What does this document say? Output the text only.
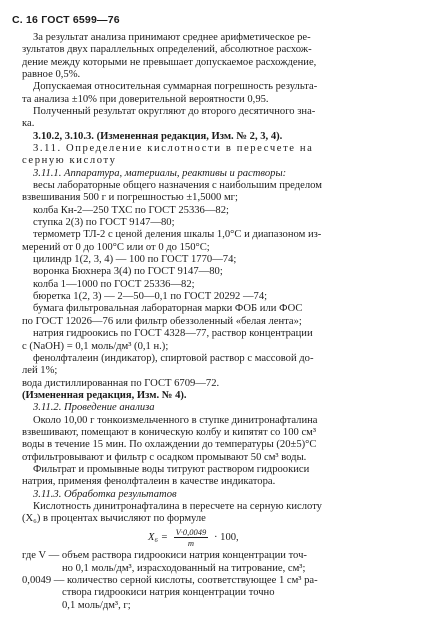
С. 16 ГОСТ 6599—76
За результат анализа принимают среднее арифметическое ре-
зультатов двух параллельных определений, абсолютное расхож-
дение между которыми не превышает допускаемое расхождение,
равное 0,5%.
Допускаемая относительная суммарная погрешность результа-
та анализа ±10% при доверительной вероятности 0,95.
Полученный результат округляют до второго десятичного зна-
ка.
3.10.2, 3.10.3. (Измененная редакция, Изм. № 2, 3, 4).
3.11. Определение кислотности в пересчете на
серную кислоту
3.11.1. Аппаратура, материалы, реактивы и растворы:
весы лабораторные общего назначения с наибольшим пределом
взвешивания 500 г и погрешностью ±1,5000 мг;
колба Кн-2—250 ТХС по ГОСТ 25336—82;
ступка 2(3) по ГОСТ 9147—80;
термометр ТЛ-2 с ценой деления шкалы 1,0°С и диапазоном из-
мерений от 0 до 100°С или от 0 до 150°С;
цилиндр 1(2, 3, 4) — 100 по ГОСТ 1770—74;
воронка Бюхнера 3(4) по ГОСТ 9147—80;
колба 1—1000 по ГОСТ 25336—82;
бюретка 1(2, 3) — 2—50—0,1 по ГОСТ 20292 —74;
бумага фильтровальная лабораторная марки ФОБ или ФОС
по ГОСТ 12026—76 или фильтр обеззоленный «белая лента»;
натрия гидроокись по ГОСТ 4328—77, раствор концентрации
с (NaOH) = 0,1 моль/дм³ (0,1 н.);
фенолфталеин (индикатор), спиртовой раствор с массовой до-
лей 1%;
вода дистиллированная по ГОСТ 6709—72.
(Измененная редакция, Изм. № 4).
3.11.2. Проведение анализа
Около 10,00 г тонкоизмельченного в ступке динитронафталина
взвешивают, помещают в коническую колбу и кипятят со 100 см³
воды в течение 15 мин. По охлаждении до температуры (20±5)°С
отфильтровывают и фильтр с осадком промывают 50 см³ воды.
Фильтрат и промывные воды титруют раствором гидроокиси
натрия, применяя фенолфталеин в качестве индикатора.
3.11.3. Обработка результатов
Кислотность динитронафталина в пересчете на серную кислоту
(X₆) в процентах вычисляют по формуле
$X_6 = \frac{V\cdot 0,0049}{m} \cdot 100$,
где V — объем раствора гидроокиси натрия концентрации точ-
но 0,1 моль/дм³, израсходованный на титрование, см³;
0,0049 — количество серной кислоты, соответствующее 1 см³ ра-
створа гидроокиси натрия концентрации точно
0,1 моль/дм³, г;
